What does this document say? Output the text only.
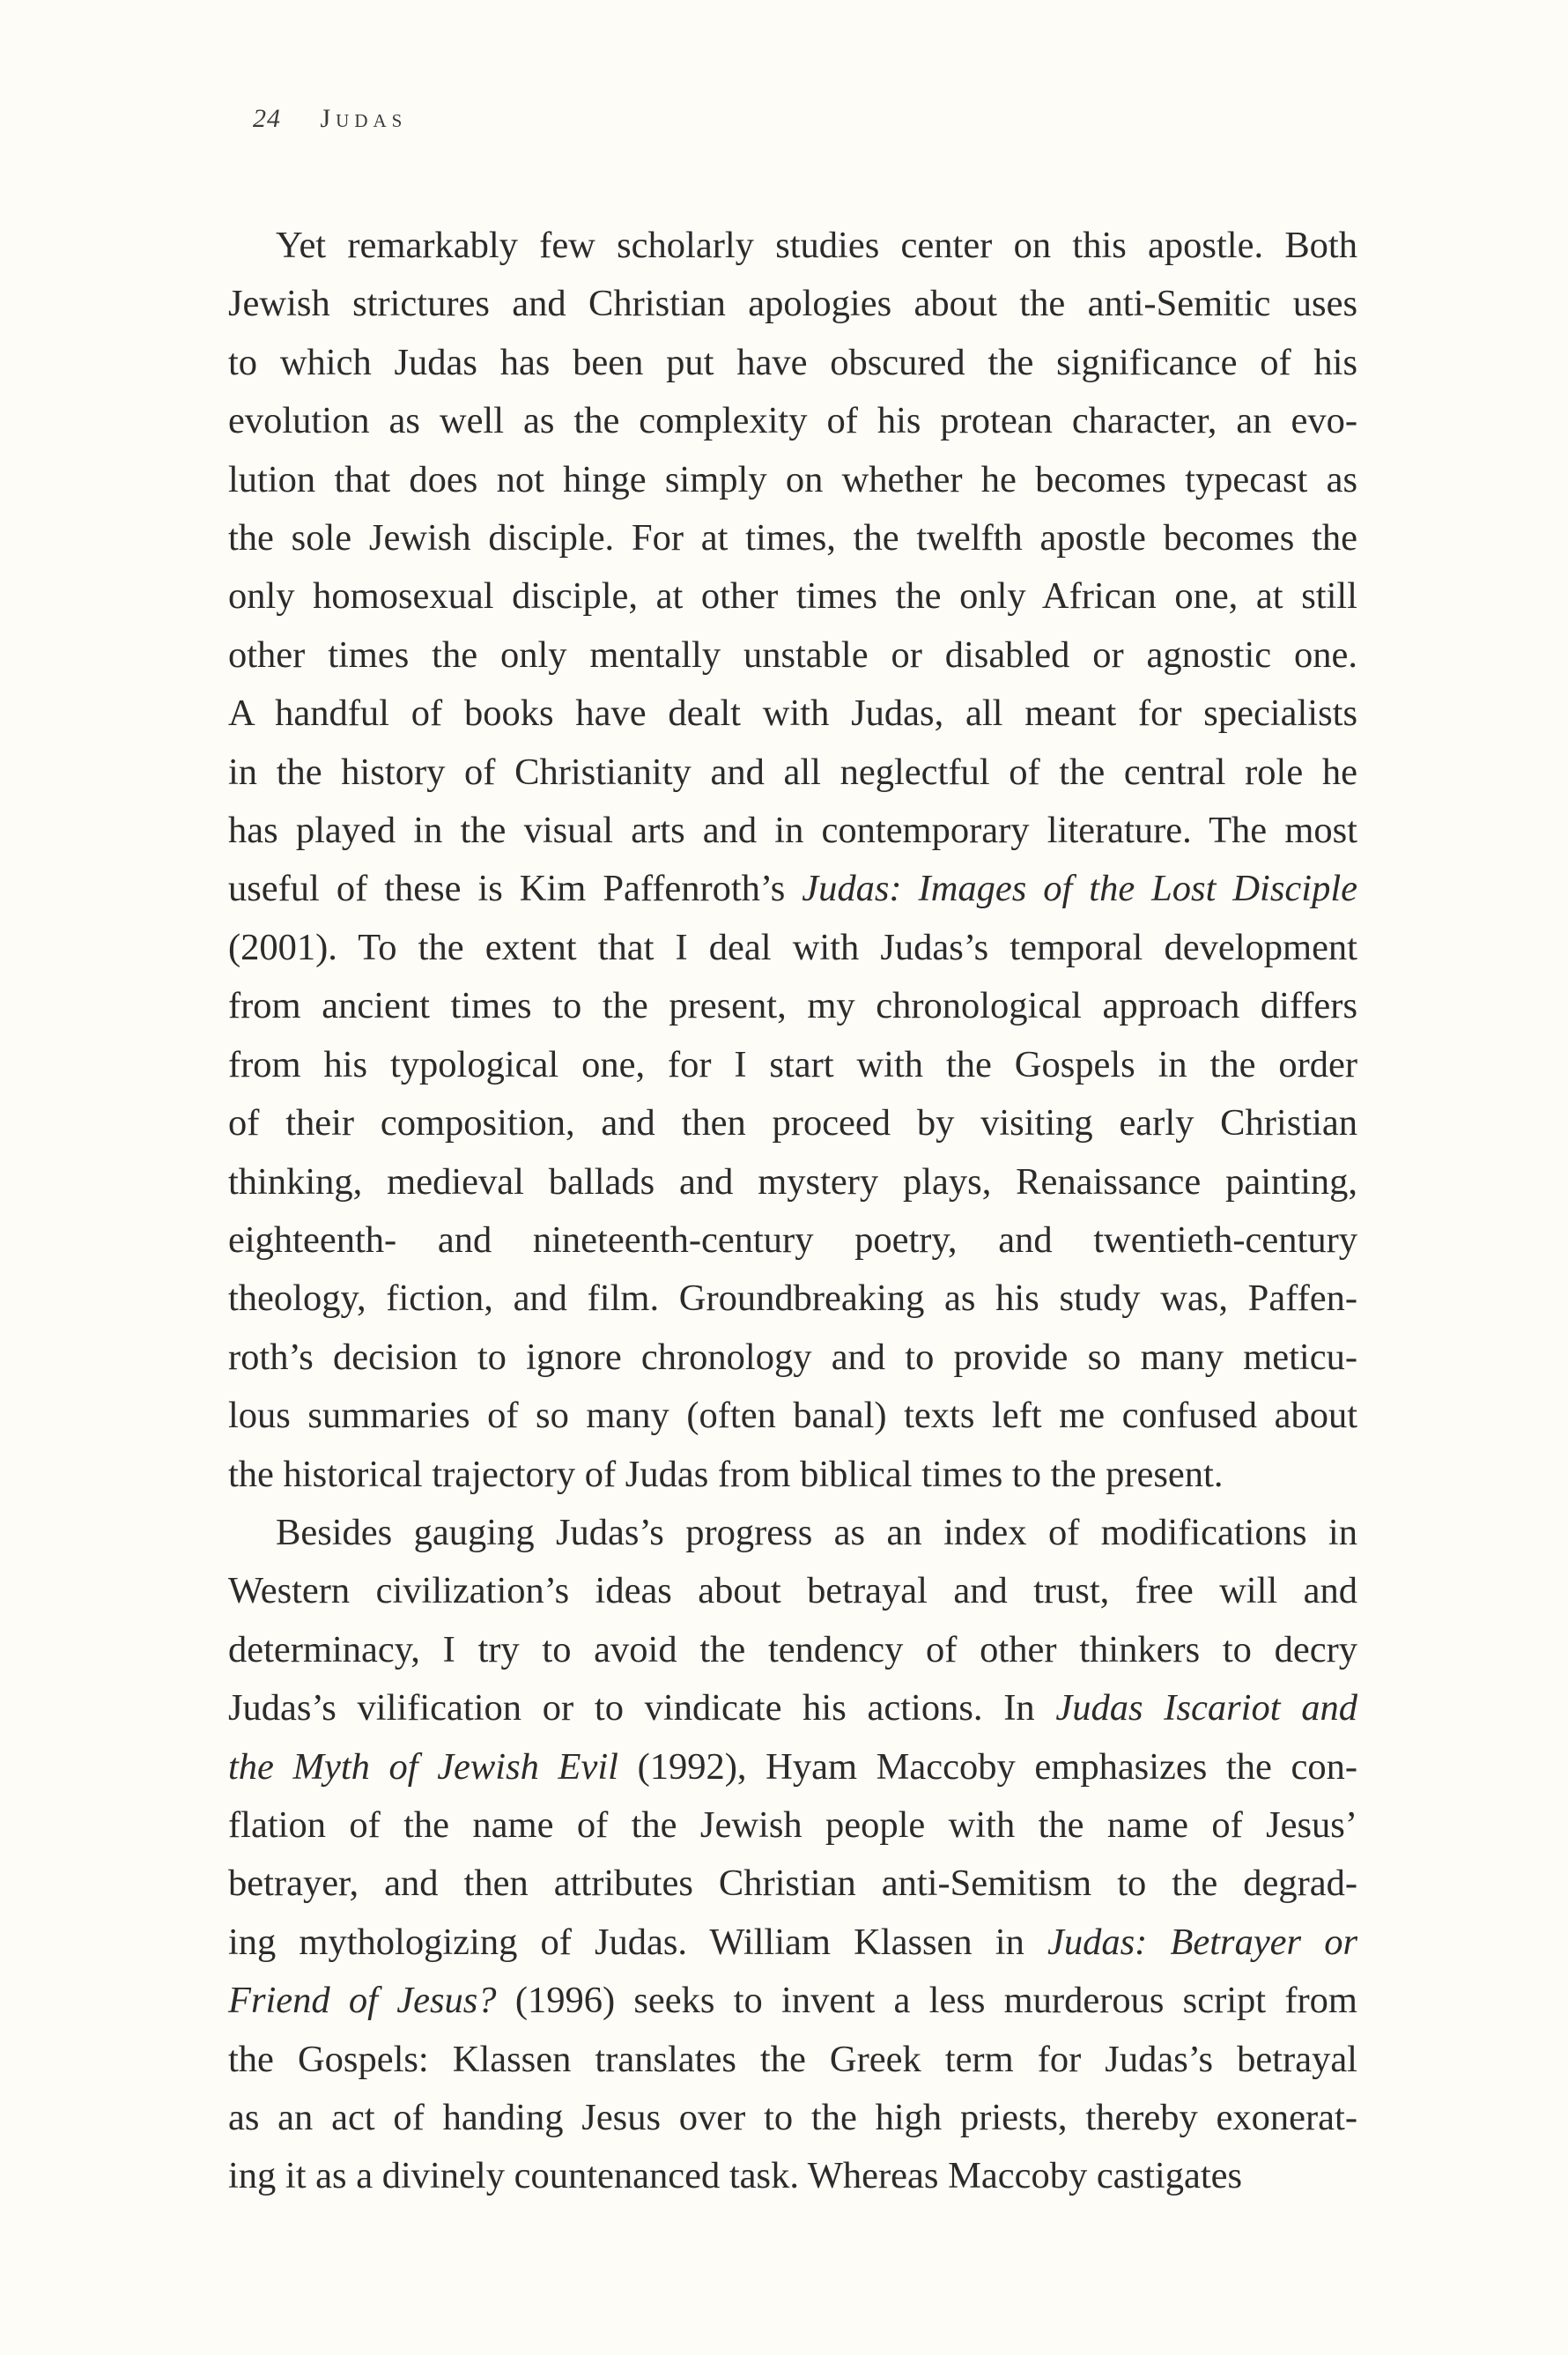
24 Judas

Yet remarkably few scholarly studies center on this apostle. Both
Jewish strictures and Christian apologies about the anti-Semitic uses
to which Judas has been put have obscured the significance of his
evolution as well as the complexity of his protean character, an evo-
lution that does not hinge simply on whether he becomes typecast as
the sole Jewish disciple. For at times, the twelfth apostle becomes the
only homosexual disciple, at other times the only African one, at still
other times the only mentally unstable or disabled or agnostic one.
A handful of books have dealt with Judas, all meant for specialists
in the history of Christianity and all neglectful of the central role he
has played in the visual arts and in contemporary literature. The most
useful of these is Kim Paffenroth’s Judas: Images of the Lost Disciple
(2001). To the extent that I deal with Judas’s temporal development
from ancient times to the present, my chronological approach differs
from his typological one, for I start with the Gospels in the order
of their composition, and then proceed by visiting early Christian
thinking, medieval ballads and mystery plays, Renaissance painting,
eighteenth- and nineteenth-century poetry, and twentieth-century
theology, fiction, and film. Groundbreaking as his study was, Paffen-
roth’s decision to ignore chronology and to provide so many meticu-
lous summaries of so many (often banal) texts left me confused about
the historical trajectory of Judas from biblical times to the present.

Besides gauging Judas’s progress as an index of modifications in
Western civilization’s ideas about betrayal and trust, free will and
determinacy, I try to avoid the tendency of other thinkers to decry
Judas’s vilification or to vindicate his actions. In Judas Iscariot and
the Myth of Jewish Evil (1992), Hyam Maccoby emphasizes the con-
flation of the name of the Jewish people with the name of Jesus’
betrayer, and then attributes Christian anti-Semitism to the degrad-
ing mythologizing of Judas. William Klassen in Judas: Betrayer or
Friend of Jesus? (1996) seeks to invent a less murderous script from
the Gospels: Klassen translates the Greek term for Judas’s betrayal
as an act of handing Jesus over to the high priests, thereby exonerat-
ing it as a divinely countenanced task. Whereas Maccoby castigates
